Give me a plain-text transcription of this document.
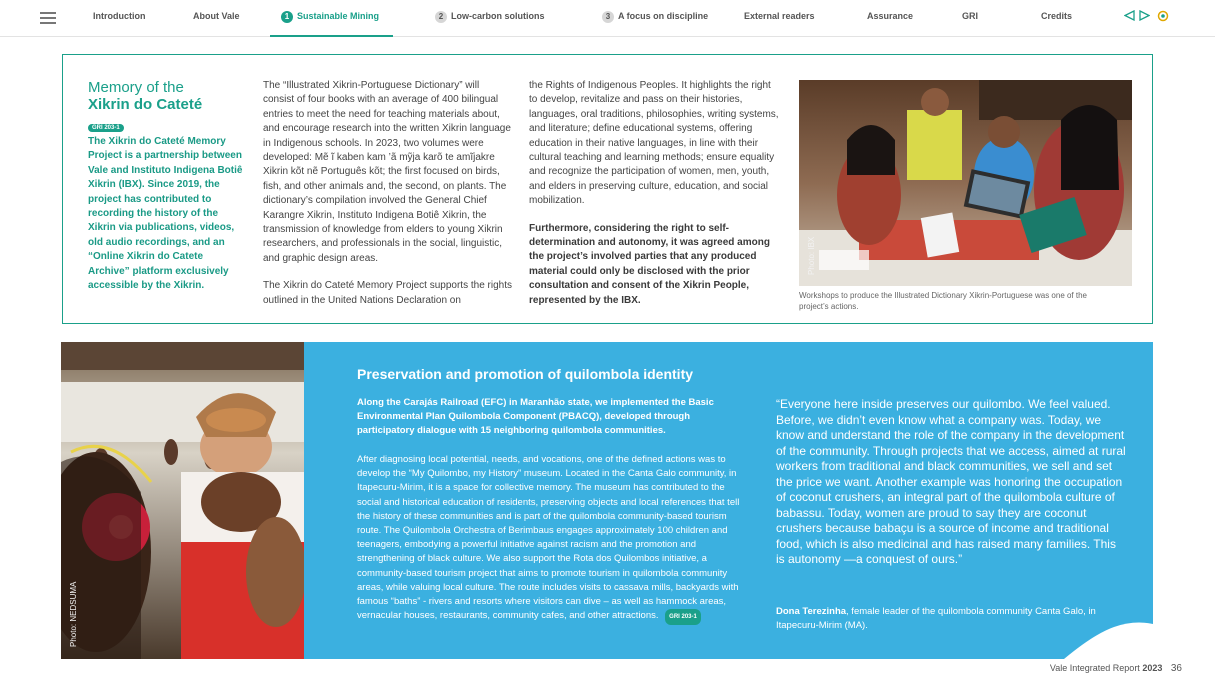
Introduction	About Vale	1 Sustainable Mining	2 Low-carbon solutions	3 A focus on discipline	External readers	Assurance	GRI	Credits
Memory of the
Xikrin do Cateté
GRI 203-1
The Xikrin do Cateté Memory Project is a partnership between Vale and Instituto Indigena Botiê Xikrin (IBX). Since 2019, the project has contributed to recording the history of the Xikrin via publications, videos, old audio recordings, and an “Online Xikrin do Catete Archive” platform exclusively accessible by the Xikrin.

The “Illustrated Xikrin-Portuguese Dictionary” will consist of four books with an average of 400 bilingual entries to meet the need for teaching materials about, and encourage research into the written Xikrin language in Indigenous schools. In 2023, two volumes were developed: Mẽ ĩ kaben kam ’ã mỹja karõ te amĩjakre Xikrin kõt nẽ Português kõt; the first focused on birds, fish, and other animals and, the second, on plants. The dictionary’s compilation involved the General Chief Karangre Xikrin, Instituto Indigena Botiê Xikrin, the transmission of knowledge from elders to young Xikrin researchers, and professionals in the social, linguistic, and graphic design areas.

The Xikrin do Cateté Memory Project supports the rights outlined in the United Nations Declaration on

the Rights of Indigenous Peoples. It highlights the right to develop, revitalize and pass on their histories, languages, oral traditions, philosophies, writing systems, and literature; define educational systems, offering education in their native languages, in line with their cultural teaching and learning methods; ensure equality and recognize the participation of women, men, youth, and elders in preserving culture, education, and social mobilization.

Furthermore, considering the right to self-determination and autonomy, it was agreed among the project’s involved parties that any produced material could only be disclosed with the prior consultation and consent of the Xikrin People, represented by the IBX.

Photo: IBX
Workshops to produce the Illustrated Dictionary Xikrin-Portuguese was one of the project’s actions.
Photo: NEDSUMA
Preservation and promotion of quilombola identity
Along the Carajás Railroad (EFC) in Maranhão state, we implemented the Basic Environmental Plan Quilombola Component (PBACQ), developed through participatory dialogue with 15 neighboring quilombola communities.
After diagnosing local potential, needs, and vocations, one of the defined actions was to develop the “My Quilombo, my History” museum. Located in the Canta Galo community, in Itapecuru-Mirim, it is a space for collective memory. The museum has contributed to the social and historical education of residents, preserving objects and local references that tell the history of these communities and is part of the quilombola community-based tourism route. The Quilombola Orchestra of Berimbaus engages approximately 100 children and teenagers, embodying a powerful initiative against racism and the promotion and strengthening of black culture. We also support the Rota dos Quilombos initiative, a community-based tourism project that aims to promote tourism in quilombola community areas, while valuing local culture. The route includes visits to cassava mills, backyards with famous “baths” - rivers and resorts where visitors can dive – as well as hammock areas, vernacular houses, restaurants, community cafes, and other attractions. GRI 203-1
“Everyone here inside preserves our quilombo. We feel valued. Before, we didn’t even know what a company was. Today, we know and understand the role of the company in the development of the community. Through projects that we access, aimed at rural workers from traditional and black communities, we sell and set the price we want. Another example was honoring the occupation of coconut crushers, an integral part of the quilombola culture of babassu. Today, women are proud to say they are coconut crushers because babaçu is a source of income and traditional food, which is also medicinal and has raised many families. This is autonomy —a conquest of ours.”
Dona Terezinha, female leader of the quilombola community Canta Galo, in Itapecuru-Mirim (MA).
Vale Integrated Report 2023 36
